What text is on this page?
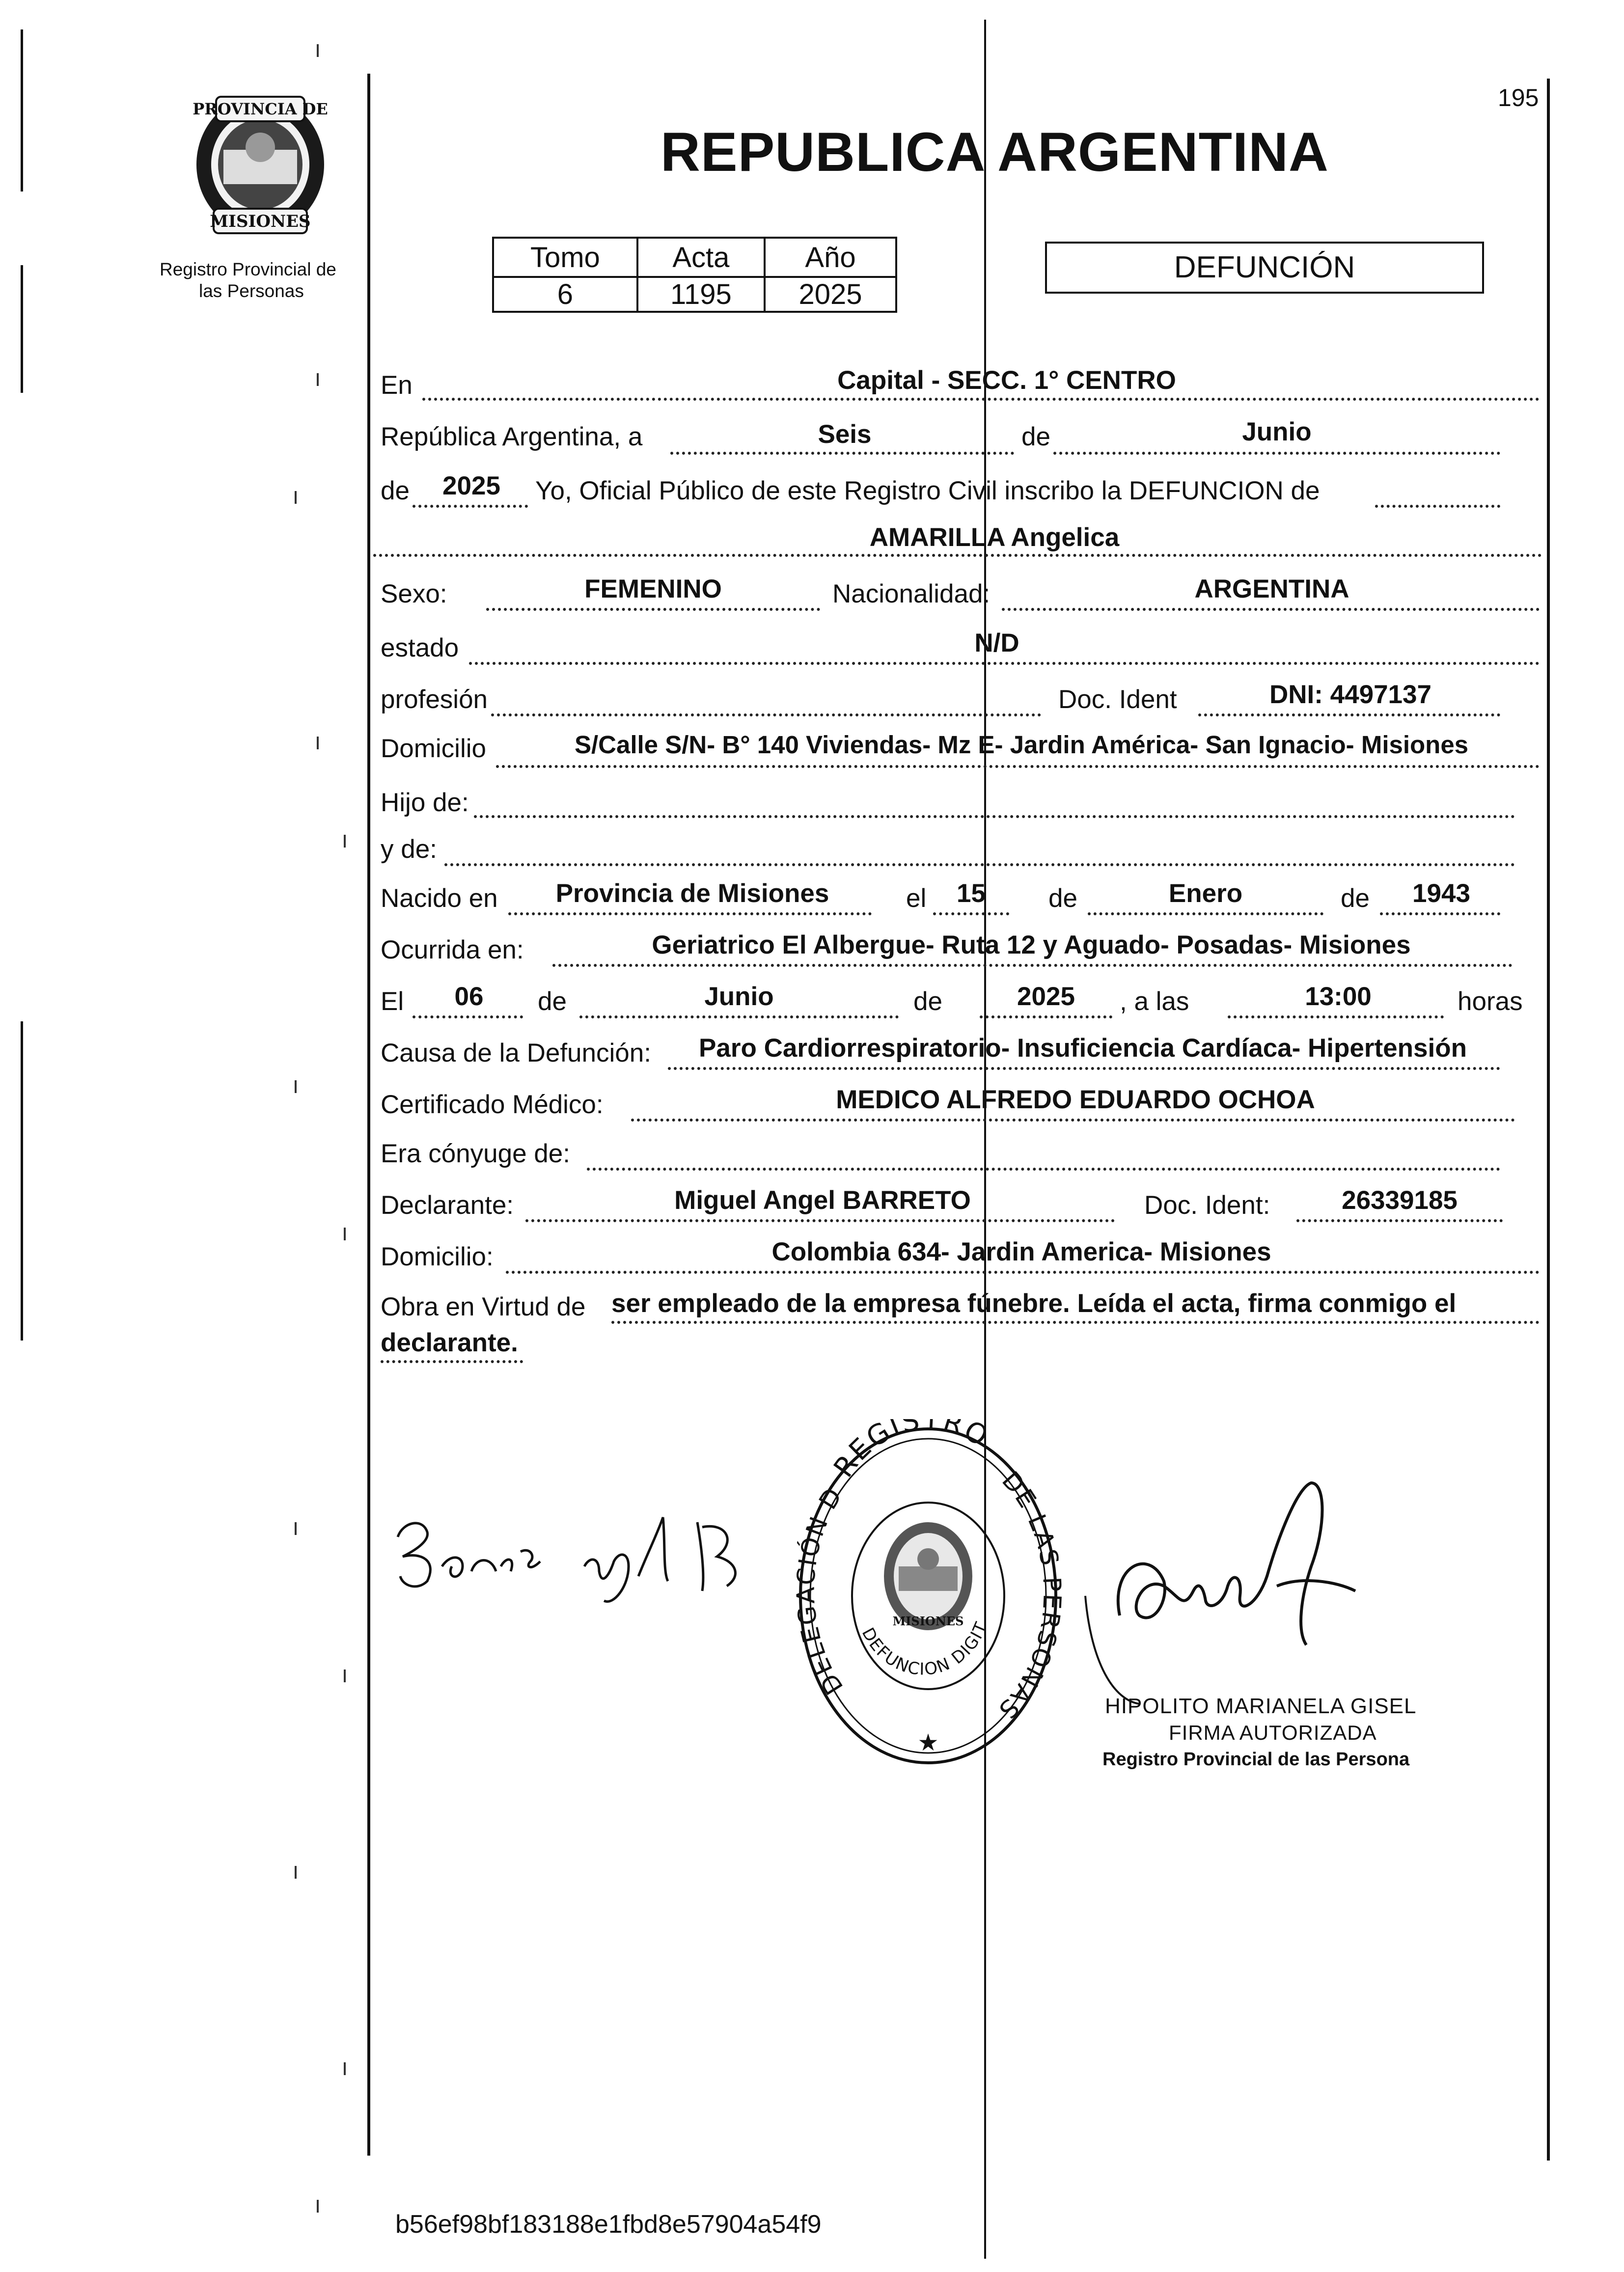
195
PROVINCIA DE
MISIONES
Registro Provincial de
las Personas
REPUBLICA ARGENTINA
Tomo	Acta	Año
6	1195	2025
DEFUNCIÓN
En	Capital - SECC. 1° CENTRO
República Argentina, a	Seis	de	Junio
de	2025	Yo, Oficial Público de este Registro Civil inscribo la DEFUNCION de
AMARILLA Angelica
Sexo:	FEMENINO	Nacionalidad:	ARGENTINA
estado	N/D
profesión	Doc. Ident	DNI: 4497137
Domicilio	S/Calle S/N- B° 140 Viviendas- Mz E- Jardin América- San Ignacio- Misiones
Hijo de:
y de:
Nacido en	Provincia de Misiones	el	15	de	Enero	de	1943
Ocurrida en:	Geriatrico El Albergue- Ruta 12 y Aguado- Posadas- Misiones
El	06	de	Junio	de	2025	, a las	13:00	horas
Causa de la Defunción:	Paro Cardiorrespiratorio- Insuficiencia Cardíaca- Hipertensión
Certificado Médico:	MEDICO ALFREDO EDUARDO OCHOA
Era cónyuge de:
Declarante:	Miguel Angel BARRETO	Doc. Ident:	26339185
Domicilio:	Colombia 634- Jardin America- Misiones
Obra en Virtud de ser empleado de la empresa fúnebre. Leída el acta, firma conmigo el
declarante.
REGISTRO
DELEGACIÓN D	DE LAS PERSONAS
DEFUNCION DIGIT
MISIONES
★
HIPOLITO MARIANELA GISEL
FIRMA AUTORIZADA
Registro Provincial de las Persona
b56ef98bf183188e1fbd8e57904a54f9
